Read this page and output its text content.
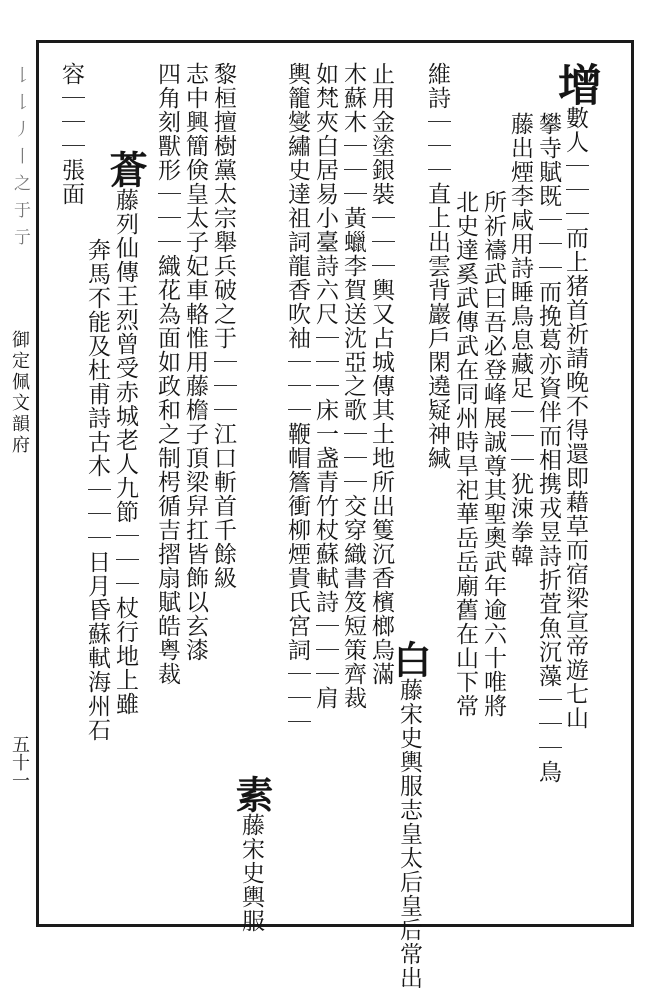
𠄌𠄌丿丨之于亍
御定佩文韻府
五十一
增數人｜｜｜而上猪首祈請晚不得還即藉草而宿梁宣帝遊七山
攀寺賦既｜｜｜而挽葛亦資伴而相携戎昱詩折萓魚沉藻｜｜｜鳥
藤出煙李咸用詩睡鳥息藏足｜｜｜犹涑拳韓
所祈禱武曰吾必登峰展誠尊其聖奧武年逾六十唯將
北史達奚武傳武在同州時旱祀華岳岳廟舊在山下常
維詩｜｜｜直上出雲背巖戶閑遶疑神緘
白藤宋史輿服志皇太后皇后常出
止用金塗銀裝｜｜｜輿又占城傳其土地所出篗沉香檳榔烏滿
木蘇木｜｜｜黃蠟李賀送沈亞之歌｜｜｜交穿織書笈短策齊裁
如梵夾白居易小臺詩六尺｜｜｜床一盏青竹杖蘇軾詩｜｜｜肩
輿籠燮繡史達祖詞龍香吹袖｜｜｜鞭帽簷衝柳煙貴氏宮詞｜｜｜
素藤宋史輿服
黎桓擅樹黨太宗舉兵破之于｜｜｜江口斬首千餘級
志中興簡倹皇太子妃車輅惟用藤檐子頂梁舁扛皆飾以玄漆
四角刻獸形｜｜｜織花為面如政和之制枵循吉摺扇賦皓粤裁
蒼藤列仙傳王烈曾受赤城老人九節｜｜｜杖行地上雖
奔馬不能及杜甫詩古木｜｜｜日月昏蘇軾海州石
容｜｜｜張面
